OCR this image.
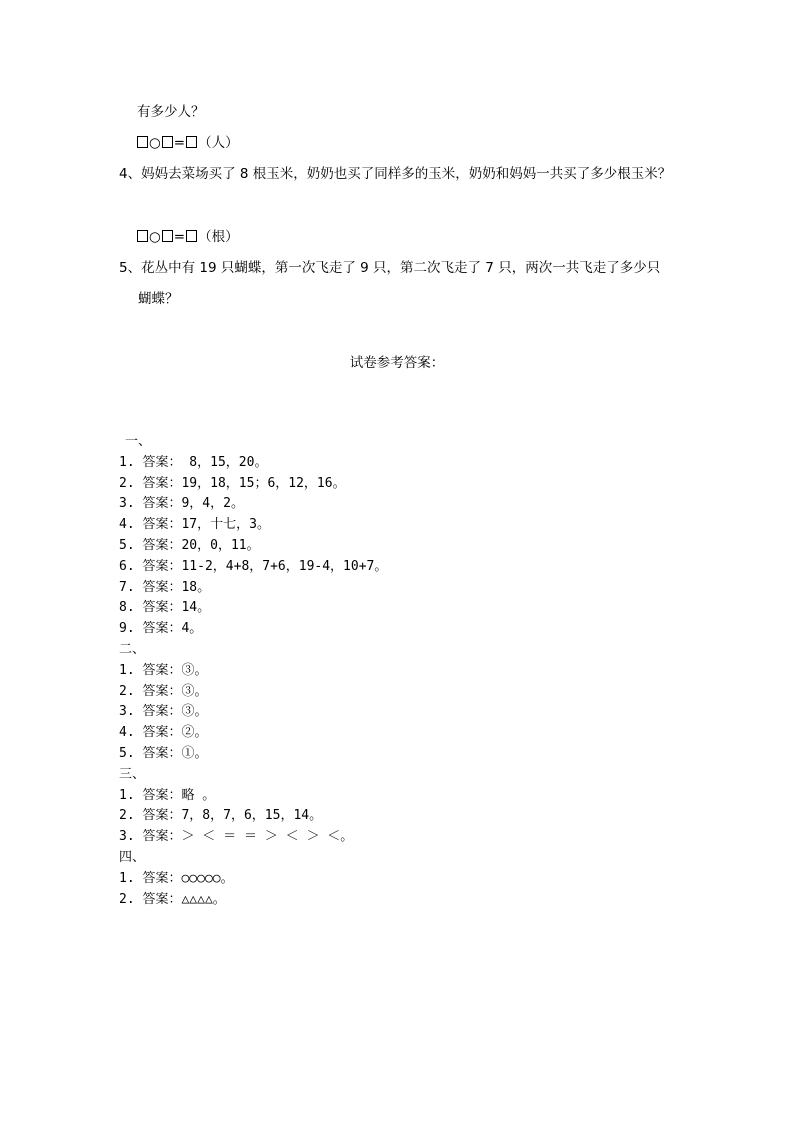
有多少人？
○ = （人）
4、妈妈去菜场买了 8 根玉米，奶奶也买了同样多的玉米，奶奶和妈妈一共买了多少根玉米？
○ = （根）
5、花丛中有 19 只蝴蝶，第一次飞走了 9 只，第二次飞走了 7 只，两次一共飞走了多少只
蝴蝶？
试卷参考答案：
一、
1. 答案： 8，15，20。
2. 答案：19，18，15；6，12，16。
3. 答案：9，4，2。
4. 答案：17，十七，3。
5. 答案：20，0，11。
6. 答案：11-2，4+8，7+6，19-4，10+7。
7. 答案：18。
8. 答案：14。
9. 答案：4。
二、
1. 答案：③。
2. 答案：③。
3. 答案：③。
4. 答案：②。
5. 答案：①。
三、
1. 答案：略 。
2. 答案：7，8，7，6，15，14。
3. 答案：＞ ＜ ＝ ＝ ＞ ＜ ＞ ＜。
四、
1. 答案：○○○○○。
2. 答案：△△△△。
